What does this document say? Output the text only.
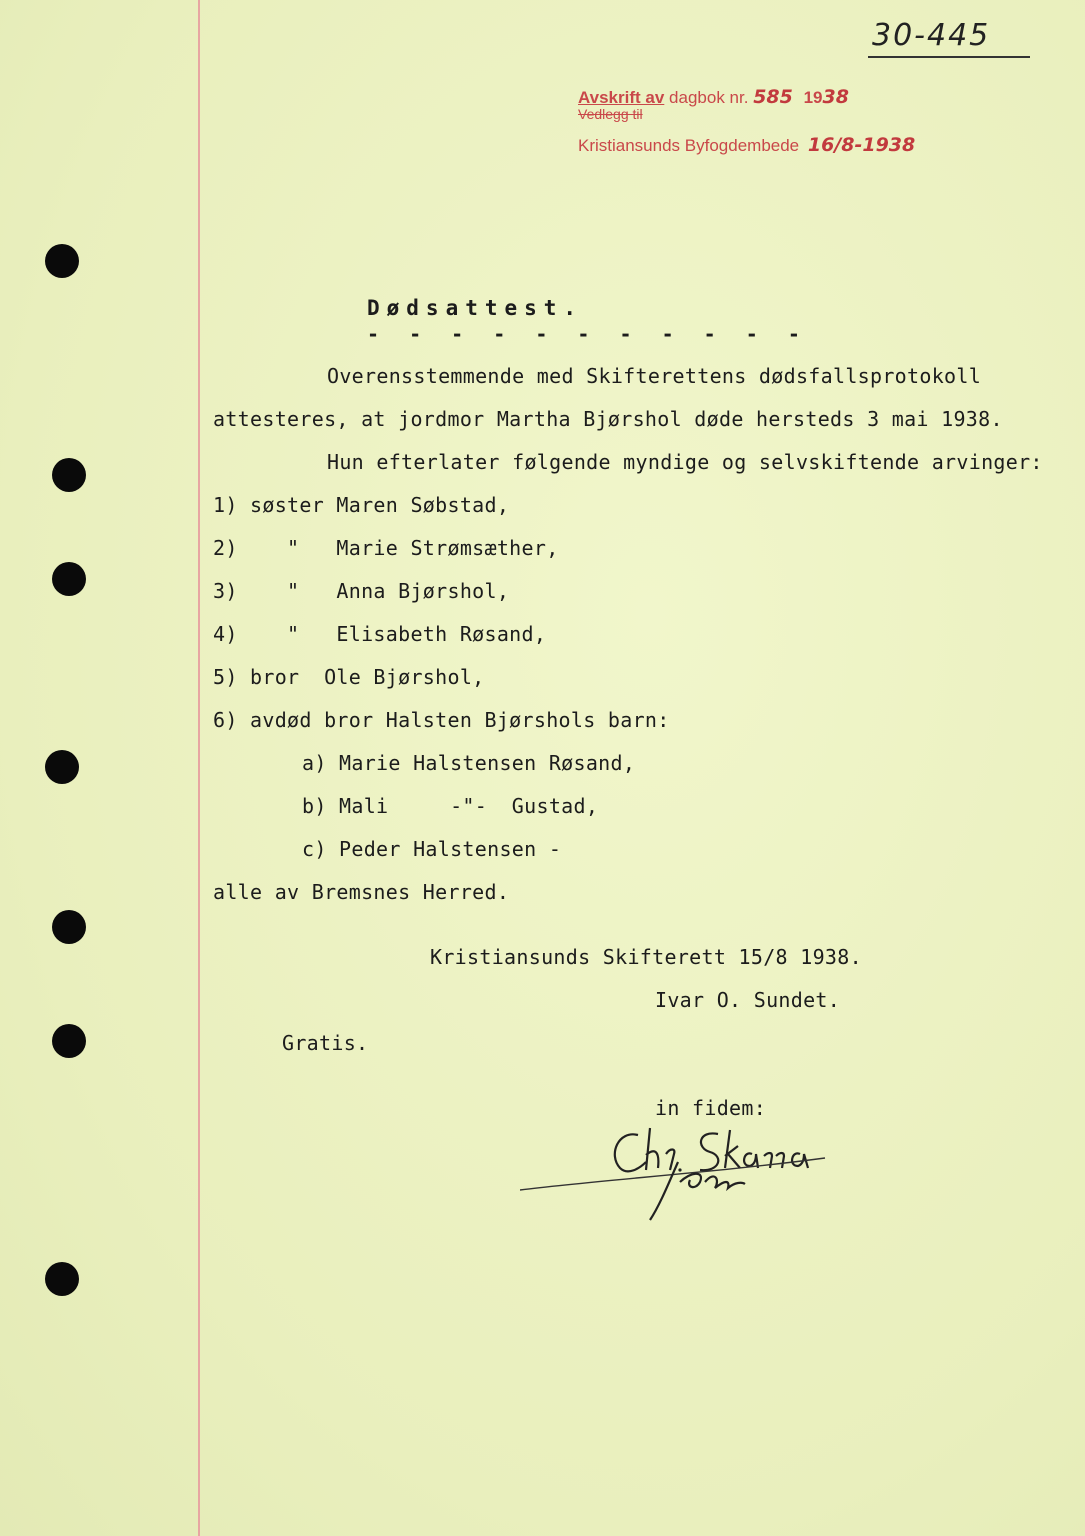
30-445
Avskrift av dagbok nr. 585 1938
Vedlegg til
Kristiansunds Byfogdembede 16/8-1938
Dødsattest.
- - - - - - - - - - -
Overensstemmende med Skifterettens dødsfallsprotokoll
attesteres, at jordmor Martha Bjørshol døde hersteds 3 mai 1938.
Hun efterlater følgende myndige og selvskiftende arvinger:
1) søster Maren Søbstad,
2)    "   Marie Strømsæther,
3)    "   Anna Bjørshol,
4)    "   Elisabeth Røsand,
5) bror  Ole Bjørshol,
6) avdød bror Halsten Bjørshols barn:
a) Marie Halstensen Røsand,
b) Mali     -"-  Gustad,
c) Peder Halstensen -
alle av Bremsnes Herred.
Kristiansunds Skifterett 15/8 1938.
Ivar O. Sundet.
Gratis.
in fidem:
